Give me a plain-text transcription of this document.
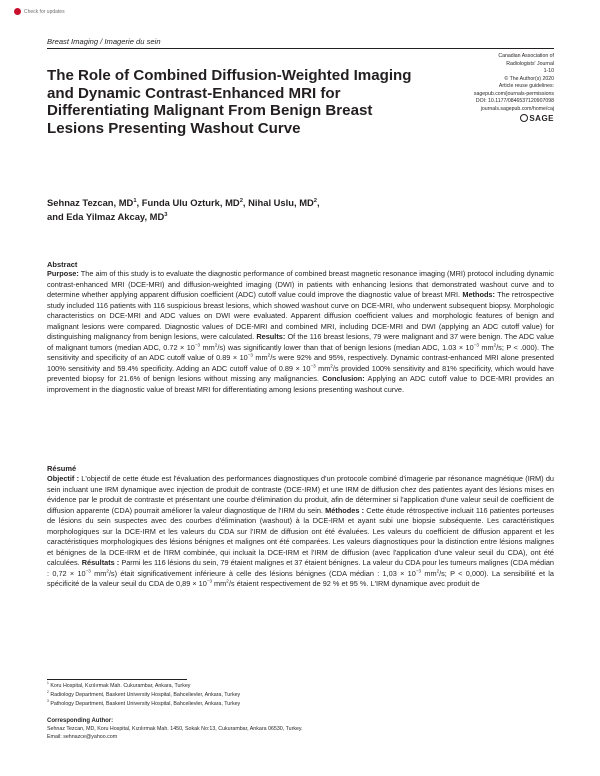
Check for updates
Breast Imaging / Imagerie du sein
The Role of Combined Diffusion-Weighted Imaging and Dynamic Contrast-Enhanced MRI for Differentiating Malignant From Benign Breast Lesions Presenting Washout Curve
Canadian Association of
Radiologists' Journal
1-10
© The Author(s) 2020
Article reuse guidelines:
sagepub.com/journals-permissions
DOI: 10.1177/0846537120907098
journals.sagepub.com/home/caj
SAGE
Sehnaz Tezcan, $MD^1$, Funda Ulu Ozturk, $MD^2$, Nihal Uslu, $MD^2$,
and Eda Yilmaz Akcay, $MD^3$
Abstract
Purpose: The aim of this study is to evaluate the diagnostic performance of combined breast magnetic resonance imaging (MRI) protocol including dynamic contrast-enhanced MRI (DCE-MRI) and diffusion-weighted imaging (DWI) in patients with enhancing lesions that demonstrated washout curve and to determine whether applying apparent diffusion coefficient (ADC) cutoff value could improve the diagnostic value of breast MRI. Methods: The retrospective study included 116 patients with 116 suspicious breast lesions, which showed washout curve on DCE-MRI, who underwent subsequent biopsy. Morphologic characteristics on DCE-MRI and ADC values on DWI were evaluated. Apparent diffusion coefficient values and morphologic features of benign and malignant lesions were compared. Diagnostic values of DCE-MRI and combined MRI, including DCE-MRI and DWI (applying an ADC cutoff value) for distinguishing malignancy from benign lesions, were calculated. Results: Of the 116 breast lesions, 79 were malignant and 37 were benign. The ADC value of malignant tumors (median ADC, $0.72 \times 10^{-3}$ $mm^2/s$) was significantly lower than that of benign lesions (median ADC, $1.03 \times 10^{-3}$ $mm^2/s$; P < .000). The sensitivity and specificity of an ADC cutoff value of $0.89 \times 10^{-3}$ $mm^2/s$ were 92% and 95%, respectively. Dynamic contrast-enhanced MRI alone presented 100% sensitivity and 59.4% specificity. Adding an ADC cutoff value of $0.89 \times 10^{-3}$ $mm^2/s$ provided 100% sensitivity and 81% specificity, which would have prevented biopsy for 21.6% of benign lesions without missing any malignancies. Conclusion: Applying an ADC cutoff value to DCE-MRI provides an improvement in the diagnostic value of breast MRI for differentiating among lesions presenting washout curve.
Résumé
Objectif : L'objectif de cette étude est l'évaluation des performances diagnostiques d'un protocole combiné d'imagerie par résonance magnétique (IRM) du sein incluant une IRM dynamique avec injection de produit de contraste (DCE-IRM) et une IRM de diffusion chez des patientes ayant des lésions mises en évidence par le produit de contraste et présentant une courbe d'élimination du produit, afin de déterminer si l'application d'une valeur seuil de coefficient de diffusion apparente (CDA) pourrait améliorer la valeur diagnostique de l'IRM du sein. Méthodes : Cette étude rétrospective incluait 116 patientes porteuses de lésions du sein suspectes avec des courbes d'élimination (washout) à la DCE-IRM et ayant subi une biopsie subséquente. Les caractéristiques morphologiques sur la DCE-IRM et les valeurs du CDA sur l'IRM de diffusion ont été évaluées. Les valeurs du coefficient de diffusion apparent et les caractéristiques morphologiques des lésions bénignes et malignes ont été comparées. Les valeurs diagnostiques pour la distinction entre lésions malignes et bénignes de la DCE-IRM et de l'IRM combinée, qui incluait la DCE-IRM et l'IRM de diffusion (avec l'application d'une valeur seuil du CDA), ont été calculées. Résultats : Parmi les 116 lésions du sein, 79 étaient malignes et 37 étaient bénignes. La valeur du CDA pour les tumeurs malignes (CDA médian : $0,72 \times 10^{-3}$ $mm^2/s$) était significativement inférieure à celle des lésions bénignes (CDA médian : $1,03 \times 10^{-3}$ $mm^2/s$; P < 0,000). La sensibilité et la spécificité de la valeur seuil du CDA de $0,89 \times 10^{-3}$ $mm^2/s$ étaient respectivement de 92 % et 95 %. L'IRM dynamique avec produit de
$^1$ Koru Hospital, Kızılırmak Mah. Cukurambar, Ankara, Turkey
$^2$ Radiology Department, Baskent University Hospital, Bahcelievler, Ankara, Turkey
$^3$ Pathology Department, Baskent University Hospital, Bahcelievler, Ankara, Turkey
Corresponding Author:
Sehnaz Tezcan, MD, Koru Hospital, Kızılırmak Mah. 1450, Sokak No:13, Cukurambar, Ankara 06530, Turkey.
Email: sehnazce@yahoo.com
